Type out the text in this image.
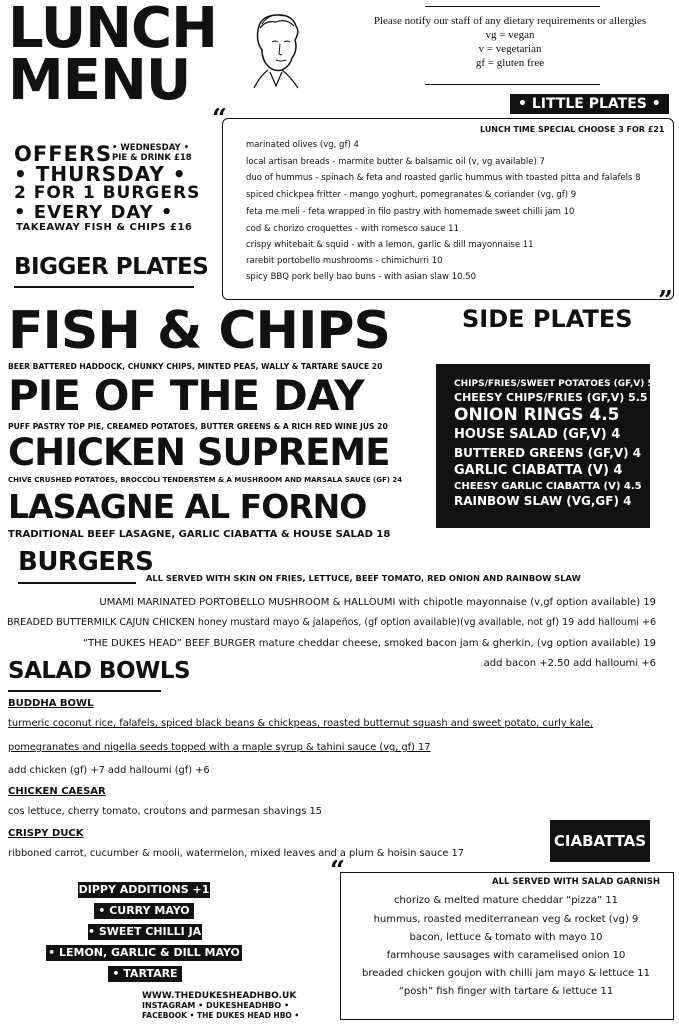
LUNCH
MENU
Please notify our staff of any dietary requirements or allergies
vg = vegan
v = vegetarian
gf = gluten free
• LITTLE PLATES •
“	LUNCH TIME SPECIAL CHOOSE 3 FOR £21
marinated olives (vg, gf) 4
local artisan breads - marmite butter & balsamic oil (v, vg available) 7
duo of hummus - spinach & feta and roasted garlic hummus with toasted pitta and falafels 8
spiced chickpea fritter - mango yoghurt, pomegranates & coriander (vg, gf) 9
feta me meli - feta wrapped in filo pastry with homemade sweet chilli jam 10
cod & chorizo croquettes - with romesco sauce 11
crispy whitebait & squid - with a lemon, garlic & dill mayonnaise 11
rarebit portobello mushrooms - chimichurri 10
spicy BBQ pork belly bao buns - with asian slaw 10.50
”
OFFERS • WEDNESDAY •
PIE & DRINK £18
• THURSDAY •
2 FOR 1 BURGERS
• EVERY DAY •
TAKEAWAY FISH & CHIPS £16
BIGGER PLATES
FISH & CHIPS
BEER BATTERED HADDOCK, CHUNKY CHIPS, MINTED PEAS, WALLY & TARTARE SAUCE 20
PIE OF THE DAY
PUFF PASTRY TOP PIE, CREAMED POTATOES, BUTTER GREENS & A RICH RED WINE JUS 20
CHICKEN SUPREME
CHIVE CRUSHED POTATOES, BROCCOLI TENDERSTEM & A MUSHROOM AND MARSALA SAUCE (GF) 24
LASAGNE AL FORNO
TRADITIONAL BEEF LASAGNE, GARLIC CIABATTA & HOUSE SALAD 18
SIDE PLATES
CHIPS/FRIES/SWEET POTATOES (GF,V) 5
CHEESY CHIPS/FRIES (GF,V) 5.5
ONION RINGS 4.5
HOUSE SALAD (GF,V) 4
BUTTERED GREENS (GF,V) 4
GARLIC CIABATTA (V) 4
CHEESY GARLIC CIABATTA (V) 4.5
RAINBOW SLAW (VG,GF) 4
BURGERS
ALL SERVED WITH SKIN ON FRIES, LETTUCE, BEEF TOMATO, RED ONION AND RAINBOW SLAW
UMAMI MARINATED PORTOBELLO MUSHROOM & HALLOUMI with chipotle mayonnaise (v,gf option available) 19
BREADED BUTTERMILK CAJUN CHICKEN honey mustard mayo & jalapeños, (gf option available)(vg available, not gf) 19 add halloumi +6
“THE DUKES HEAD” BEEF BURGER mature cheddar cheese, smoked bacon jam & gherkin, (vg option available) 19
add bacon +2.50 add halloumi +6
SALAD BOWLS
BUDDHA BOWL
turmeric coconut rice, falafels, spiced black beans & chickpeas, roasted butternut squash and sweet potato, curly kale,
pomegranates and nigella seeds topped with a maple syrup & tahini sauce (vg, gf) 17
add chicken (gf) +7 add halloumi (gf) +6
CHICKEN CAESAR
cos lettuce, cherry tomato, croutons and parmesan shavings 15
CRISPY DUCK
ribboned carrot, cucumber & mooli, watermelon, mixed leaves and a plum & hoisin sauce 17
CIABATTAS
“	ALL SERVED WITH SALAD GARNISH
chorizo & melted mature cheddar “pizza” 11
hummus, roasted mediterranean veg & rocket (vg) 9
bacon, lettuce & tomato with mayo 10
farmhouse sausages with caramelised onion 10
breaded chicken goujon with chilli jam mayo & lettuce 11
“posh” fish finger with tartare & lettuce 11
DIPPY ADDITIONS +1
• CURRY MAYO
• SWEET CHILLI JAM
• LEMON, GARLIC & DILL MAYO
• TARTARE
WWW.THEDUKESHEADHBO.UK
INSTAGRAM • DUKESHEADHBO •
FACEBOOK • THE DUKES HEAD HBO •
